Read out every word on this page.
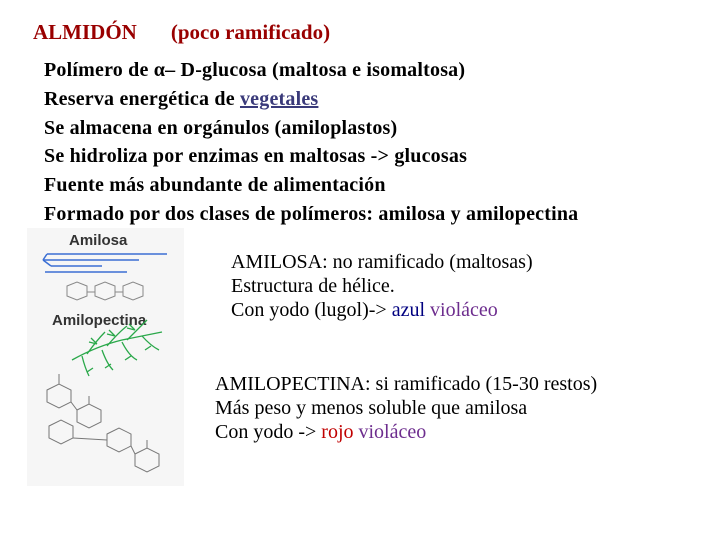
ALMIDÓN (poco ramificado)
Polímero de α– D-glucosa (maltosa e isomaltosa)
Reserva energética de vegetales
Se almacena en orgánulos (amiloplastos)
Se hidroliza por enzimas en maltosas -> glucosas
Fuente más abundante de alimentación
Formado por dos clases de polímeros: amilosa y amilopectina
Amilosa
Amilopectina
AMILOSA: no ramificado (maltosas)
Estructura de hélice.
Con yodo (lugol)-> azul violáceo
AMILOPECTINA: si ramificado (15-30 restos)
Más peso y menos soluble que amilosa
Con yodo -> rojo violáceo
